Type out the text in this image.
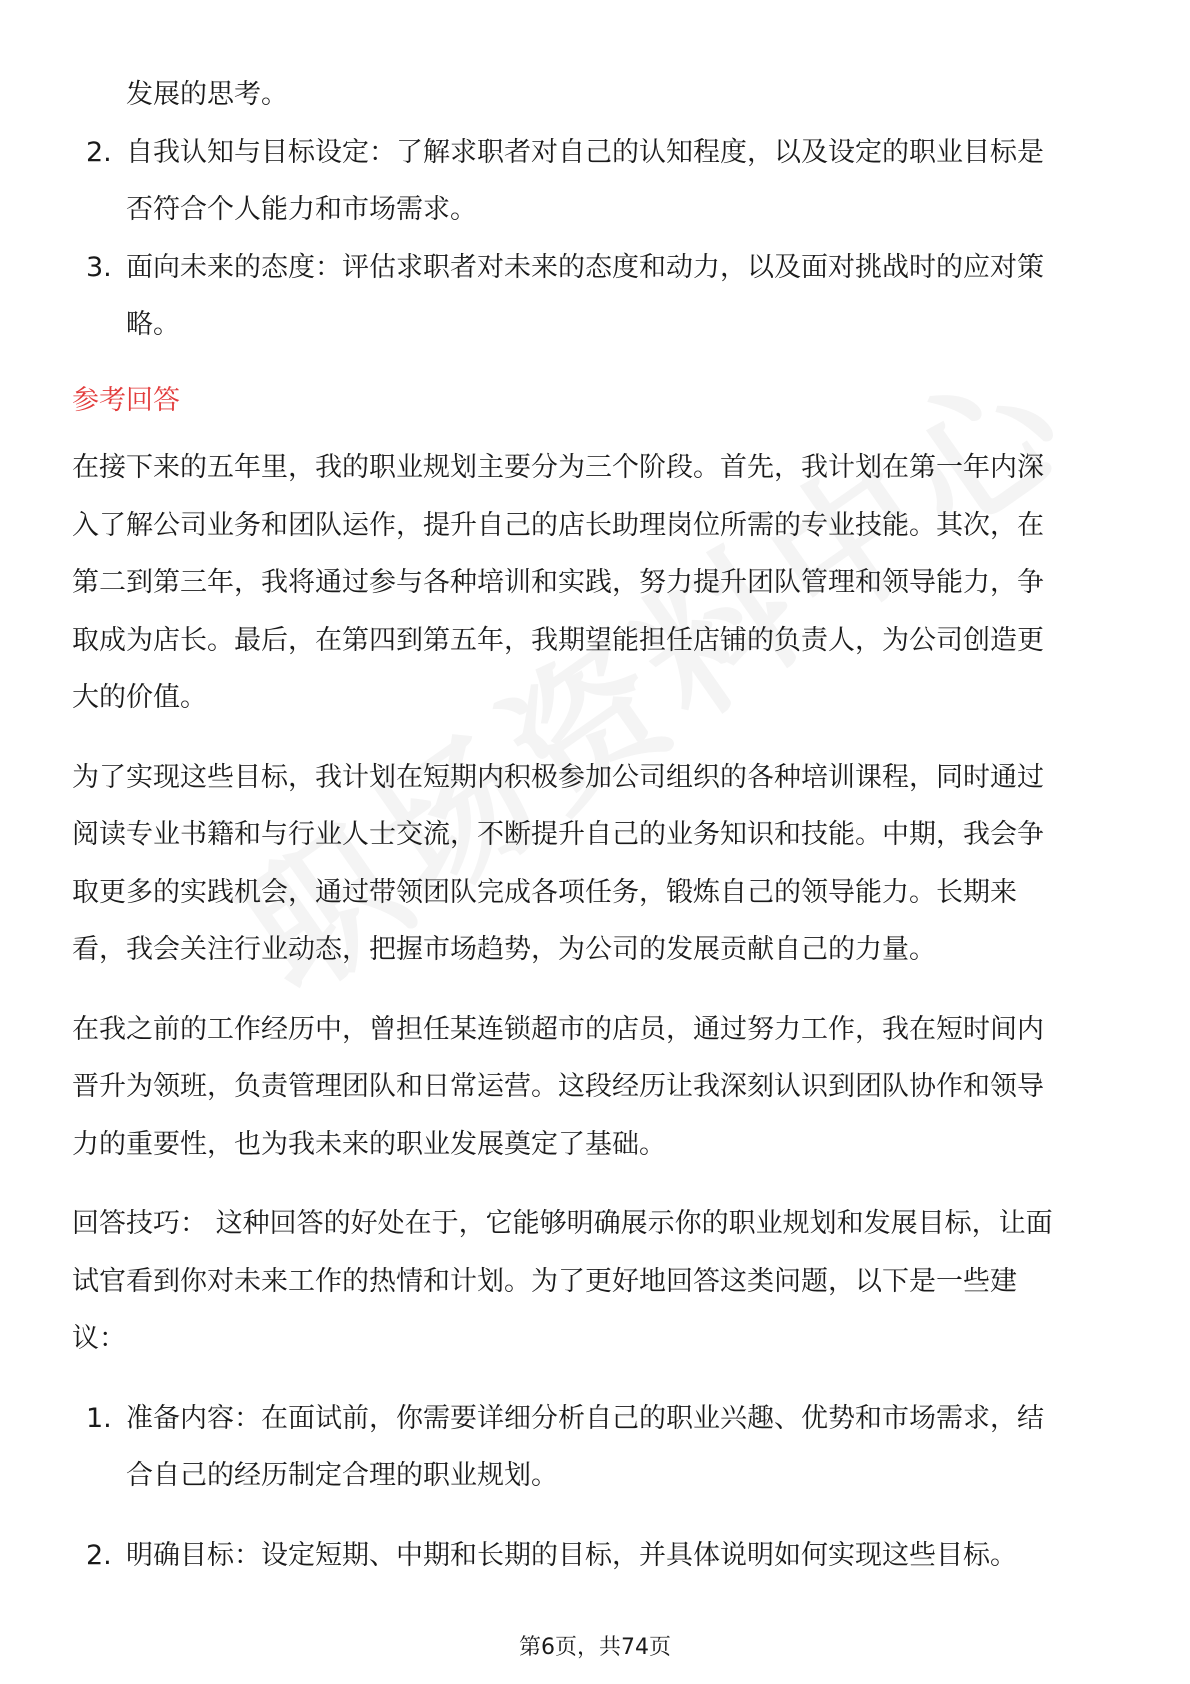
发展的思考。
2. 自我认知与目标设定：了解求职者对自己的认知程度，以及设定的职业目标是
否符合个人能力和市场需求。
3. 面向未来的态度：评估求职者对未来的态度和动力，以及面对挑战时的应对策
略。
参考回答
在接下来的五年里，我的职业规划主要分为三个阶段。首先，我计划在第一年内深
入了解公司业务和团队运作，提升自己的店长助理岗位所需的专业技能。其次，在
第二到第三年，我将通过参与各种培训和实践，努力提升团队管理和领导能力，争
取成为店长。最后，在第四到第五年，我期望能担任店铺的负责人，为公司创造更
大的价值。
为了实现这些目标，我计划在短期内积极参加公司组织的各种培训课程，同时通过
阅读专业书籍和与行业人士交流，不断提升自己的业务知识和技能。中期，我会争
取更多的实践机会，通过带领团队完成各项任务，锻炼自己的领导能力。长期来
看，我会关注行业动态，把握市场趋势，为公司的发展贡献自己的力量。
在我之前的工作经历中，曾担任某连锁超市的店员，通过努力工作，我在短时间内
晋升为领班，负责管理团队和日常运营。这段经历让我深刻认识到团队协作和领导
力的重要性，也为我未来的职业发展奠定了基础。
回答技巧： 这种回答的好处在于，它能够明确展示你的职业规划和发展目标，让面
试官看到你对未来工作的热情和计划。为了更好地回答这类问题，以下是一些建
议：
1. 准备内容：在面试前，你需要详细分析自己的职业兴趣、优势和市场需求，结
合自己的经历制定合理的职业规划。
2. 明确目标：设定短期、中期和长期的目标，并具体说明如何实现这些目标。
第6页，共74页
